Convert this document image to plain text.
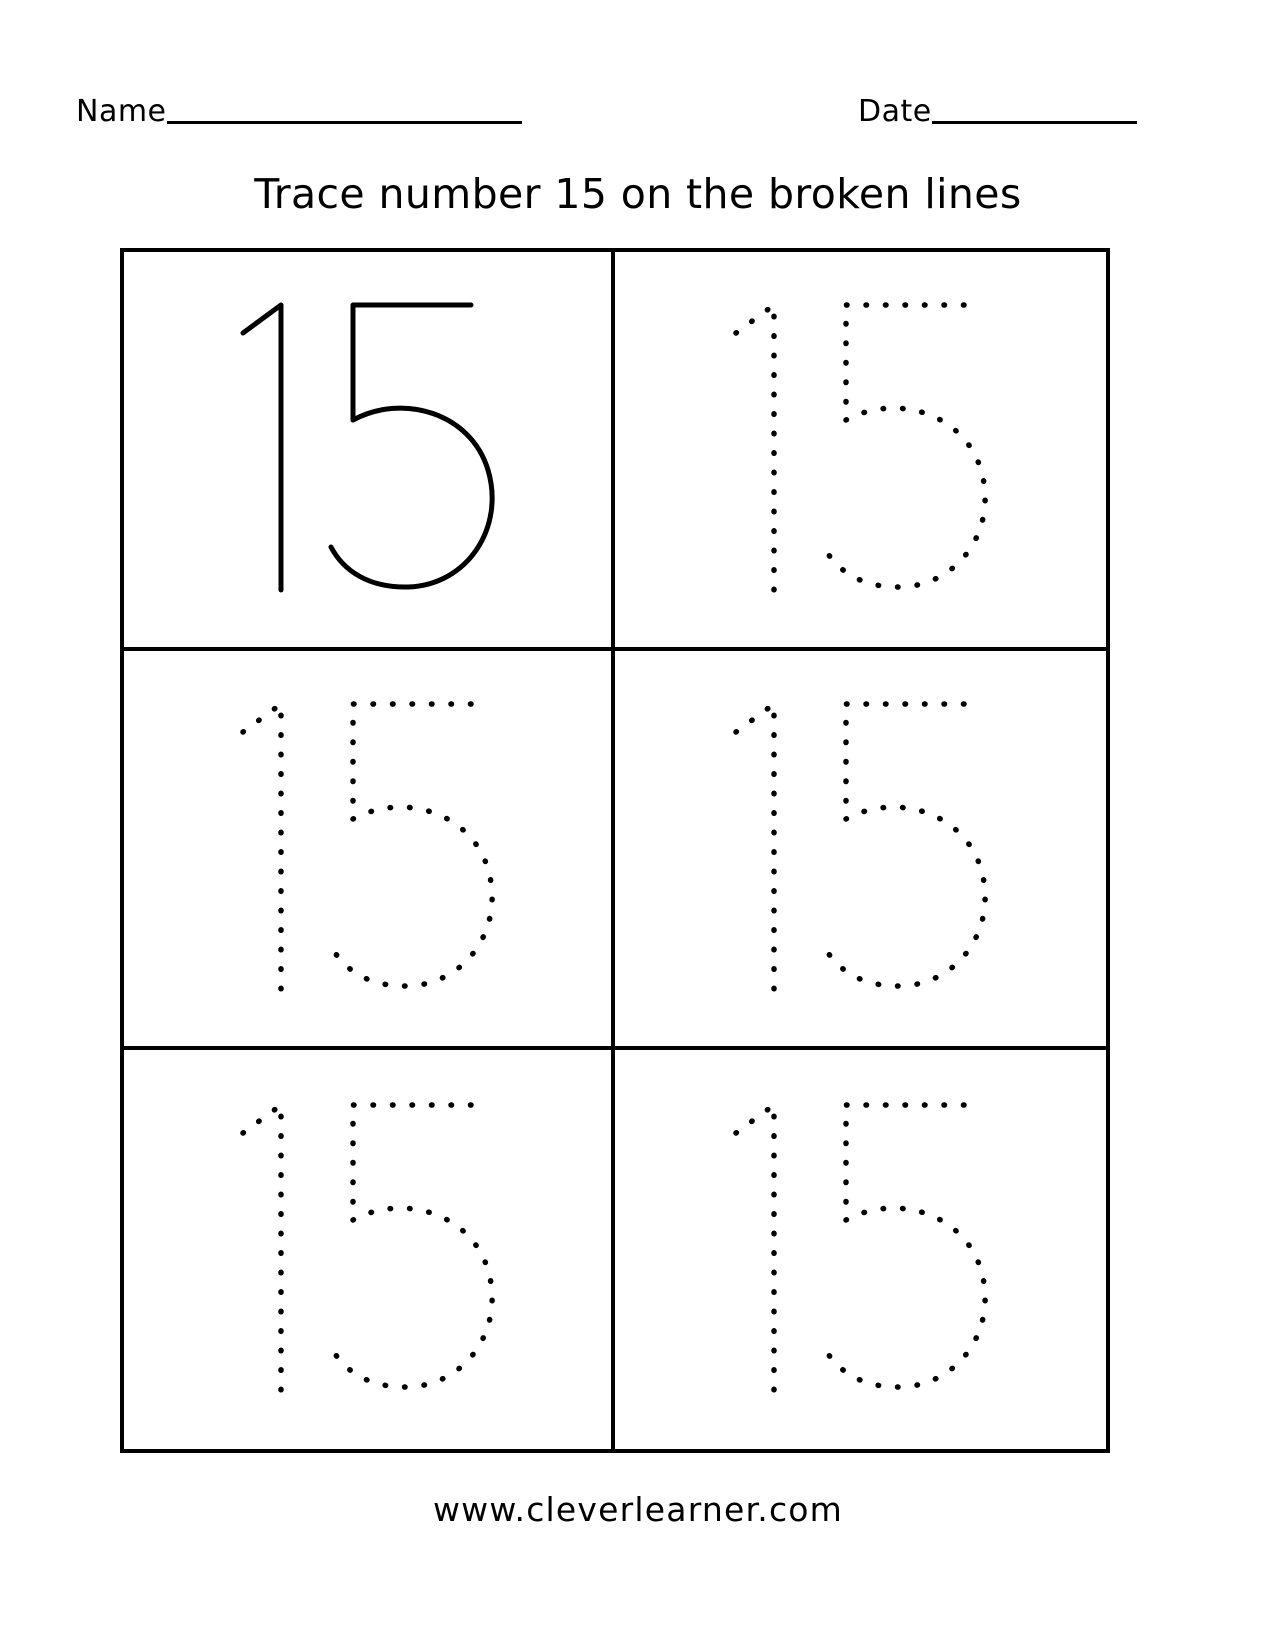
Name	Date
Trace number 15 on the broken lines
www.cleverlearner.com
